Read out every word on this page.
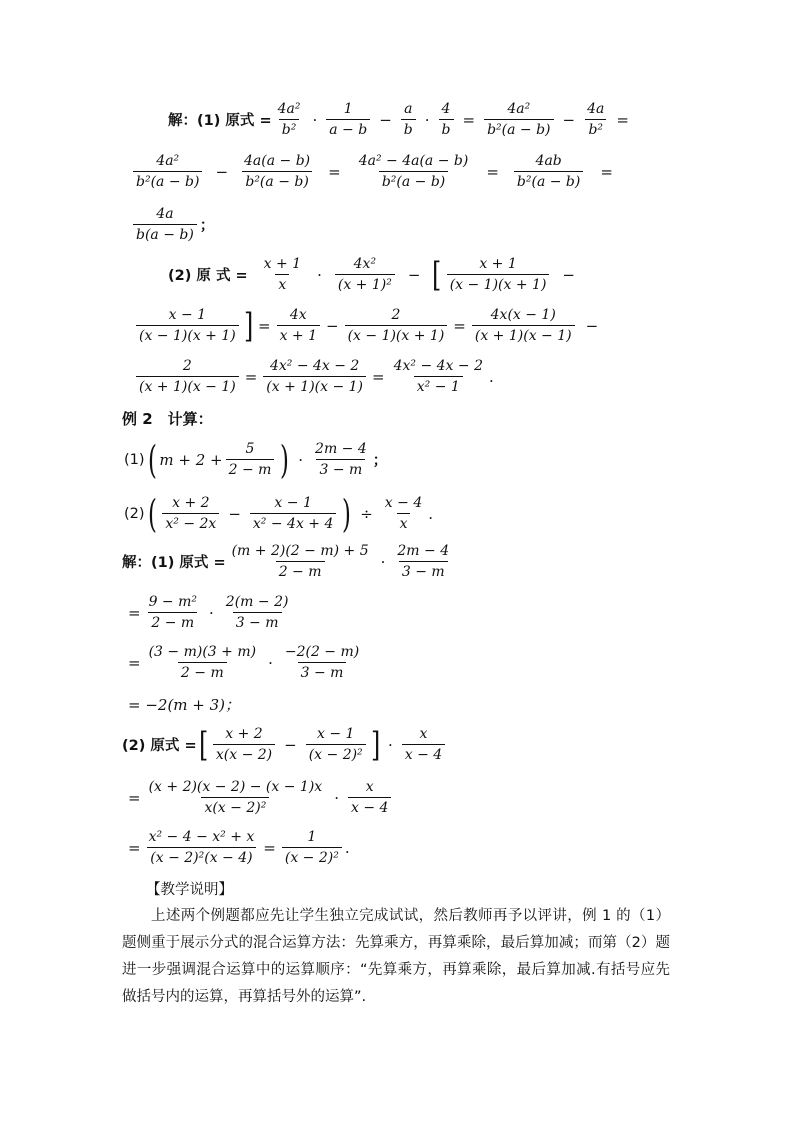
解：(1) 原式 = $\frac{\text{4a²}}{\text{b²}} \cdot \frac{1}{a - b} - \frac{a}{b} \cdot \frac{4}{b} = \frac{\text{4a²}}{\text{b²(a − b)}} - \frac{4a}{\text{b²}}$ =
$\frac{\text{4a²}}{\text{b²(a − b)}} - \frac{4a(a - b)}{\text{b²(a − b)}} = \frac{\text{4a² − 4a(a − b)}}{\text{b²(a − b)}} = \frac{4ab}{\text{b²(a − b)}}$ =
$\frac{4a}{b(a - b)}$ ；
(2) 原 式 = $\frac{x + 1}{x} \cdot \frac{\text{4x²}}{\text{(x + 1)²}}$ − [ $\frac{x + 1}{(x - 1)(x + 1)}$ −
$\frac{x - 1}{(x - 1)(x + 1)}$ ] = $\frac{4x}{x + 1} - \frac{2}{(x - 1)(x + 1)} = \frac{4x(x - 1)}{(x + 1)(x - 1)}$ −
$\frac{2}{(x + 1)(x - 1)} = \frac{\text{4x² − 4x − 2}}{(x + 1)(x - 1)} = \frac{\text{4x² − 4x − 2}}{\text{x² − 1}}$ .
例 2　计算：
(1) ( $m + 2 + \frac{5}{2 - m}$ ) · $\frac{2m - 4}{3 - m}$ ；
(2) ( $\frac{x + 2}{\text{x² − 2x}} - \frac{x - 1}{\text{x² − 4x + 4}}$ ) ÷ $\frac{x - 4}{x}$ .
解：(1) 原式 = $\frac{(m + 2)(2 - m) + 5}{2 - m} \cdot \frac{2m - 4}{3 - m}$
= $\frac{\text{9 − m²}}{2 - m} \cdot \frac{2(m - 2)}{3 - m}$
= $\frac{(3 - m)(3 + m)}{2 - m} \cdot \frac{-2(2 - m)}{3 - m}$
= −2(m + 3)；
(2) 原式 = [ $\frac{x + 2}{x(x - 2)} - \frac{x - 1}{\text{(x − 2)²}}$ ] · $\frac{x}{x - 4}$
= $\frac{(x + 2)(x - 2) - (x - 1)x}{\text{x(x − 2)²}} \cdot \frac{x}{x - 4}$
= $\frac{\text{x² − 4 − x² + x}}{\text{(x − 2)²(x − 4)}} = \frac{1}{\text{(x − 2)²}}$ .
【教学说明】
上述两个例题都应先让学生独立完成试试，然后教师再予以评讲，例 1 的（1）题侧重于展示分式的混合运算方法：先算乘方，再算乘除，最后算加减；而第（2）题进一步强调混合运算中的运算顺序：“先算乘方，再算乘除，最后算加减.有括号应先做括号内的运算，再算括号外的运算”.
